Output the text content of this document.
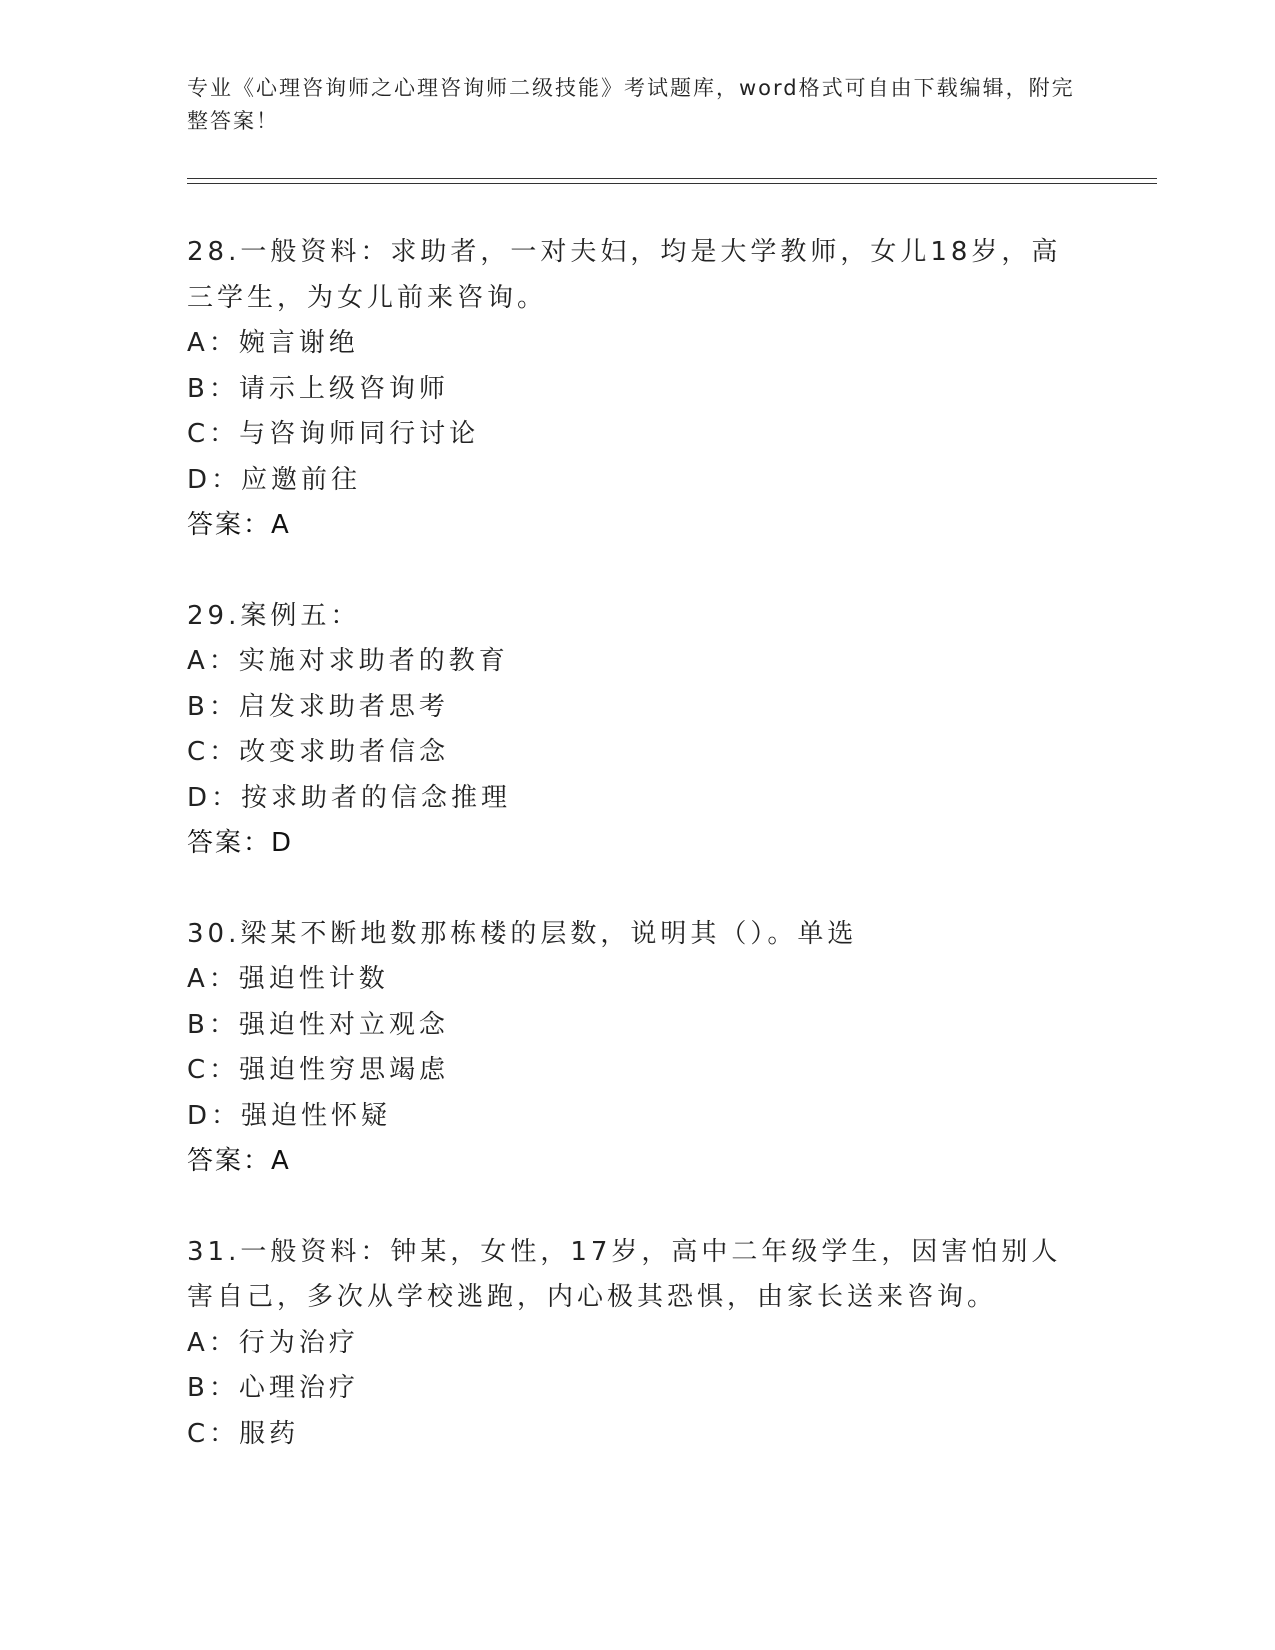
专业《心理咨询师之心理咨询师二级技能》考试题库，word格式可自由下载编辑，附完整答案！
28.一般资料：求助者，一对夫妇，均是大学教师，女儿18岁，高三学生，为女儿前来咨询。
A：婉言谢绝
B：请示上级咨询师
C：与咨询师同行讨论
D：应邀前往
答案：A
29.案例五：
A：实施对求助者的教育
B：启发求助者思考
C：改变求助者信念
D：按求助者的信念推理
答案：D
30.梁某不断地数那栋楼的层数，说明其（）。单选
A：强迫性计数
B：强迫性对立观念
C：强迫性穷思竭虑
D：强迫性怀疑
答案：A
31.一般资料：钟某，女性，17岁，高中二年级学生，因害怕别人害自己，多次从学校逃跑，内心极其恐惧，由家长送来咨询。
A：行为治疗
B：心理治疗
C：服药
